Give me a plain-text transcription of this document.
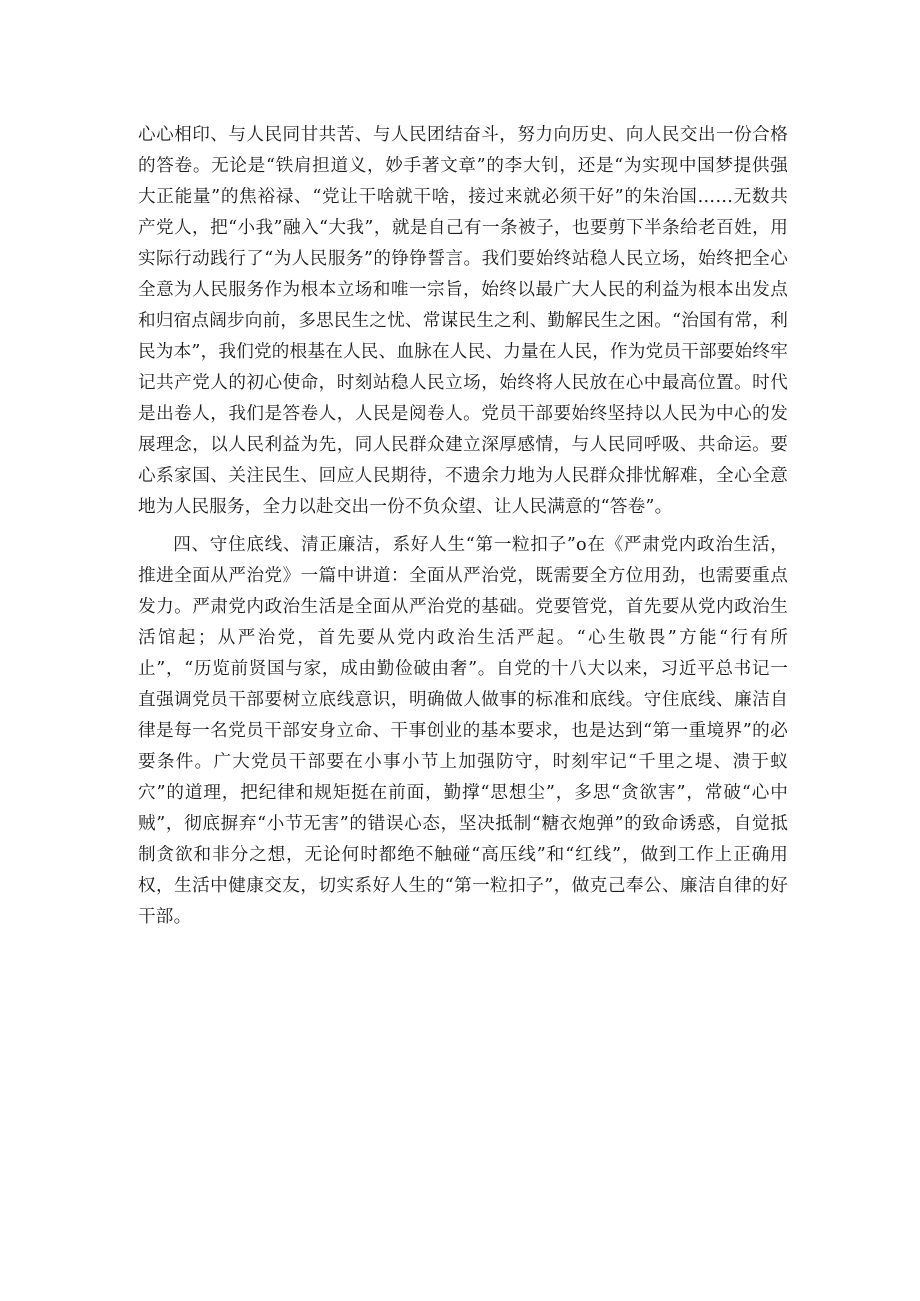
心心相印、与人民同甘共苦、与人民团结奋斗，努力向历史、向人民交出一份合格的答卷。无论是“铁肩担道义，妙手著文章”的李大钊，还是“为实现中国梦提供强大正能量”的焦裕禄、“党让干啥就干啥，接过来就必须干好”的朱治国……无数共产党人，把“小我”融入“大我”，就是自己有一条被子，也要剪下半条给老百姓，用实际行动践行了“为人民服务”的铮铮誓言。我们要始终站稳人民立场，始终把全心全意为人民服务作为根本立场和唯一宗旨，始终以最广大人民的利益为根本出发点和归宿点阔步向前，多思民生之忧、常谋民生之利、勤解民生之困。“治国有常，利民为本”，我们党的根基在人民、血脉在人民、力量在人民，作为党员干部要始终牢记共产党人的初心使命，时刻站稳人民立场，始终将人民放在心中最高位置。时代是出卷人，我们是答卷人，人民是阅卷人。党员干部要始终坚持以人民为中心的发展理念，以人民利益为先，同人民群众建立深厚感情，与人民同呼吸、共命运。要心系家国、关注民生、回应人民期待，不遗余力地为人民群众排忧解难，全心全意地为人民服务，全力以赴交出一份不负众望、让人民满意的“答卷”。

四、守住底线、清正廉洁，系好人生“第一粒扣子”o在《严肃党内政治生活，推进全面从严治党》一篇中讲道：全面从严治党，既需要全方位用劲，也需要重点发力。严肃党内政治生活是全面从严治党的基础。党要管党，首先要从党内政治生活馆起；从严治党，首先要从党内政治生活严起。“心生敬畏”方能“行有所止”，“历览前贤国与家，成由勤俭破由奢”。自党的十八大以来，习近平总书记一直强调党员干部要树立底线意识，明确做人做事的标准和底线。守住底线、廉洁自律是每一名党员干部安身立命、干事创业的基本要求，也是达到“第一重境界”的必要条件。广大党员干部要在小事小节上加强防守，时刻牢记“千里之堤、溃于蚁穴”的道理，把纪律和规矩挺在前面，勤撑“思想尘”，多思“贪欲害”，常破“心中贼”，彻底摒弃“小节无害”的错误心态，坚决抵制“糖衣炮弹”的致命诱惑，自觉抵制贪欲和非分之想，无论何时都绝不触碰“高压线”和“红线”，做到工作上正确用权，生活中健康交友，切实系好人生的“第一粒扣子”，做克己奉公、廉洁自律的好干部。
